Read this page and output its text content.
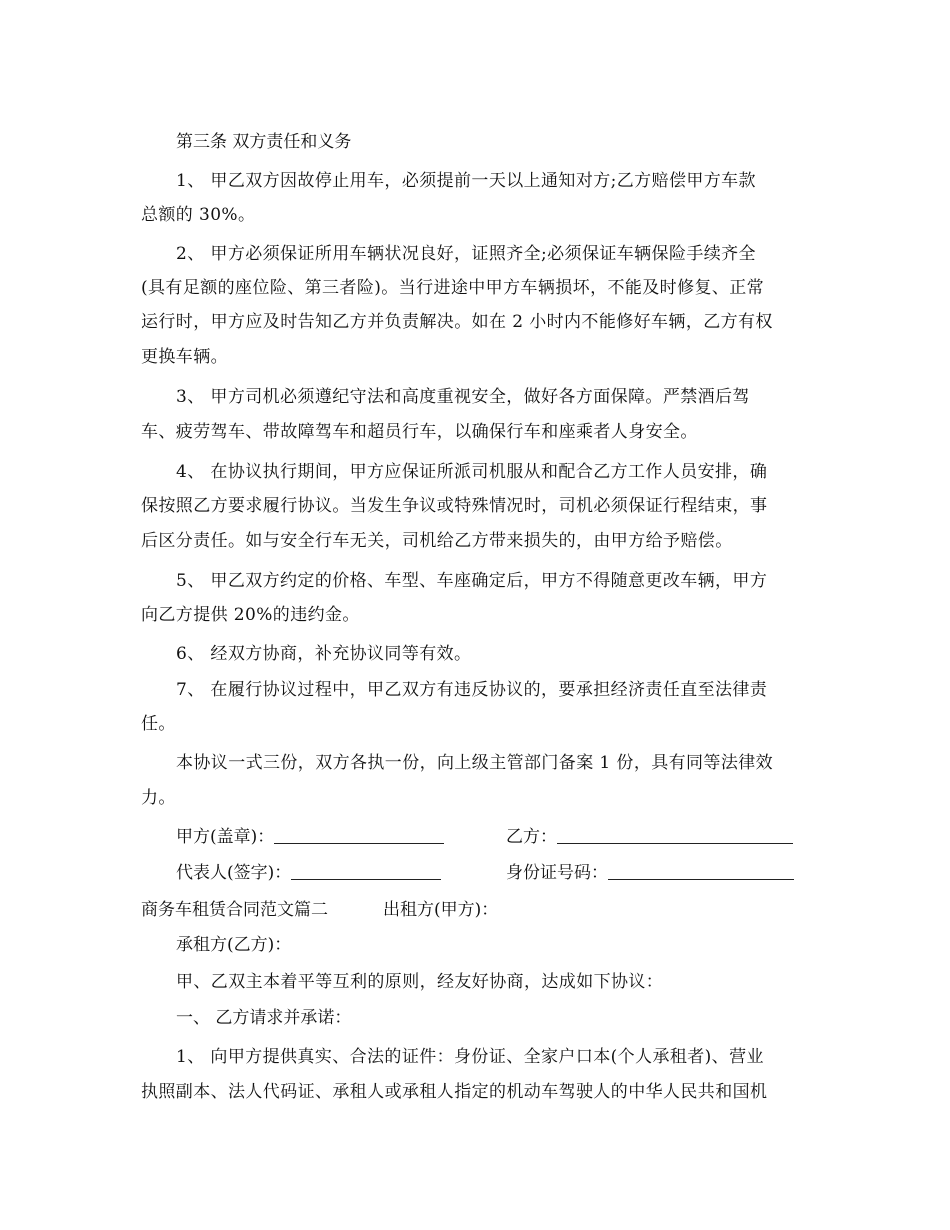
第三条 双方责任和义务
1、 甲乙双方因故停止用车，必须提前一天以上通知对方;乙方赔偿甲方车款
总额的 30%。
2、 甲方必须保证所用车辆状况良好，证照齐全;必须保证车辆保险手续齐全
(具有足额的座位险、第三者险)。当行进途中甲方车辆损坏，不能及时修复、正常
运行时，甲方应及时告知乙方并负责解决。如在 2 小时内不能修好车辆，乙方有权
更换车辆。
3、 甲方司机必须遵纪守法和高度重视安全，做好各方面保障。严禁酒后驾
车、疲劳驾车、带故障驾车和超员行车，以确保行车和座乘者人身安全。
4、 在协议执行期间，甲方应保证所派司机服从和配合乙方工作人员安排，确
保按照乙方要求履行协议。当发生争议或特殊情况时，司机必须保证行程结束，事
后区分责任。如与安全行车无关，司机给乙方带来损失的，由甲方给予赔偿。
5、 甲乙双方约定的价格、车型、车座确定后，甲方不得随意更改车辆，甲方
向乙方提供 20%的违约金。
6、 经双方协商，补充协议同等有效。
7、 在履行协议过程中，甲乙双方有违反协议的，要承担经济责任直至法律责
任。
本协议一式三份，双方各执一份，向上级主管部门备案 1 份，具有同等法律效
力。
甲方(盖章)：	乙方：
代表人(签字)：	身份证号码：
商务车租赁合同范文篇二	出租方(甲方)：
承租方(乙方)：
甲、乙双主本着平等互利的原则，经友好协商，达成如下协议：
一、 乙方请求并承诺：
1、 向甲方提供真实、合法的证件：身份证、全家户口本(个人承租者)、营业
执照副本、法人代码证、承租人或承租人指定的机动车驾驶人的中华人民共和国机
